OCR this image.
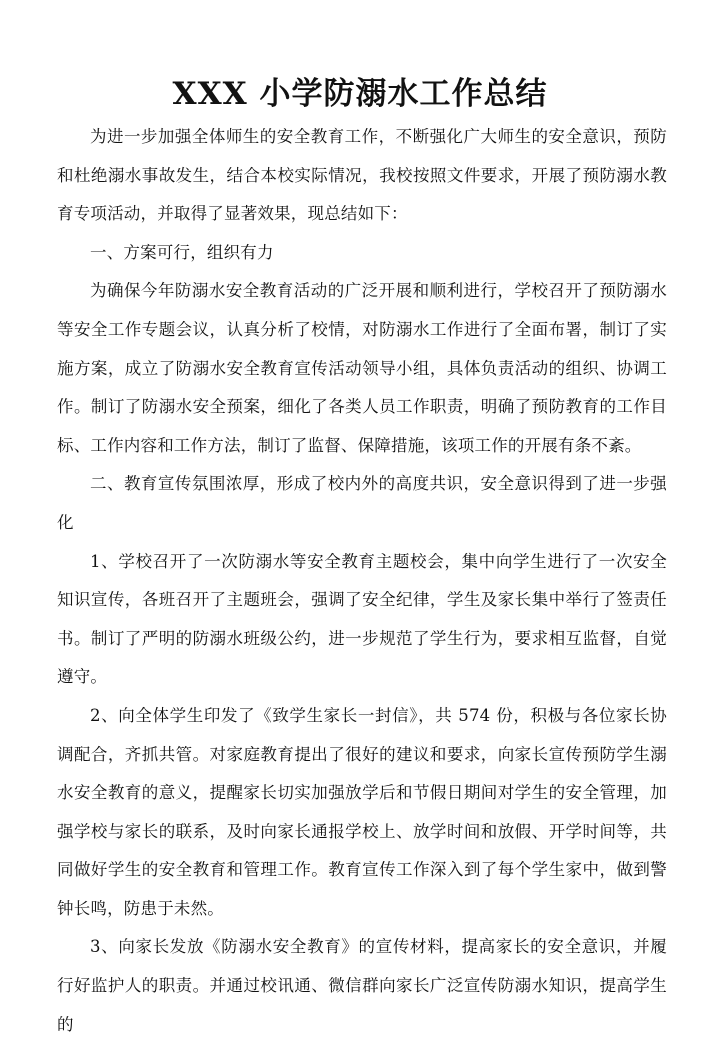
XXX 小学防溺水工作总结

为进一步加强全体师生的安全教育工作，不断强化广大师生的安全意识，预防和杜绝溺水事故发生，结合本校实际情况，我校按照文件要求，开展了预防溺水教育专项活动，并取得了显著效果，现总结如下：

一、方案可行，组织有力

为确保今年防溺水安全教育活动的广泛开展和顺利进行，学校召开了预防溺水等安全工作专题会议，认真分析了校情，对防溺水工作进行了全面布署，制订了实施方案，成立了防溺水安全教育宣传活动领导小组，具体负责活动的组织、协调工作。制订了防溺水安全预案，细化了各类人员工作职责，明确了预防教育的工作目标、工作内容和工作方法，制订了监督、保障措施，该项工作的开展有条不紊。

二、教育宣传氛围浓厚，形成了校内外的高度共识，安全意识得到了进一步强化

1、学校召开了一次防溺水等安全教育主题校会，集中向学生进行了一次安全知识宣传，各班召开了主题班会，强调了安全纪律，学生及家长集中举行了签责任书。制订了严明的防溺水班级公约，进一步规范了学生行为，要求相互监督，自觉遵守。

2、向全体学生印发了《致学生家长一封信》，共 574 份，积极与各位家长协调配合，齐抓共管。对家庭教育提出了很好的建议和要求，向家长宣传预防学生溺水安全教育的意义，提醒家长切实加强放学后和节假日期间对学生的安全管理，加强学校与家长的联系，及时向家长通报学校上、放学时间和放假、开学时间等，共同做好学生的安全教育和管理工作。教育宣传工作深入到了每个学生家中，做到警钟长鸣，防患于未然。

3、向家长发放《防溺水安全教育》的宣传材料，提高家长的安全意识，并履行好监护人的职责。并通过校讯通、微信群向家长广泛宣传防溺水知识，提高学生的
